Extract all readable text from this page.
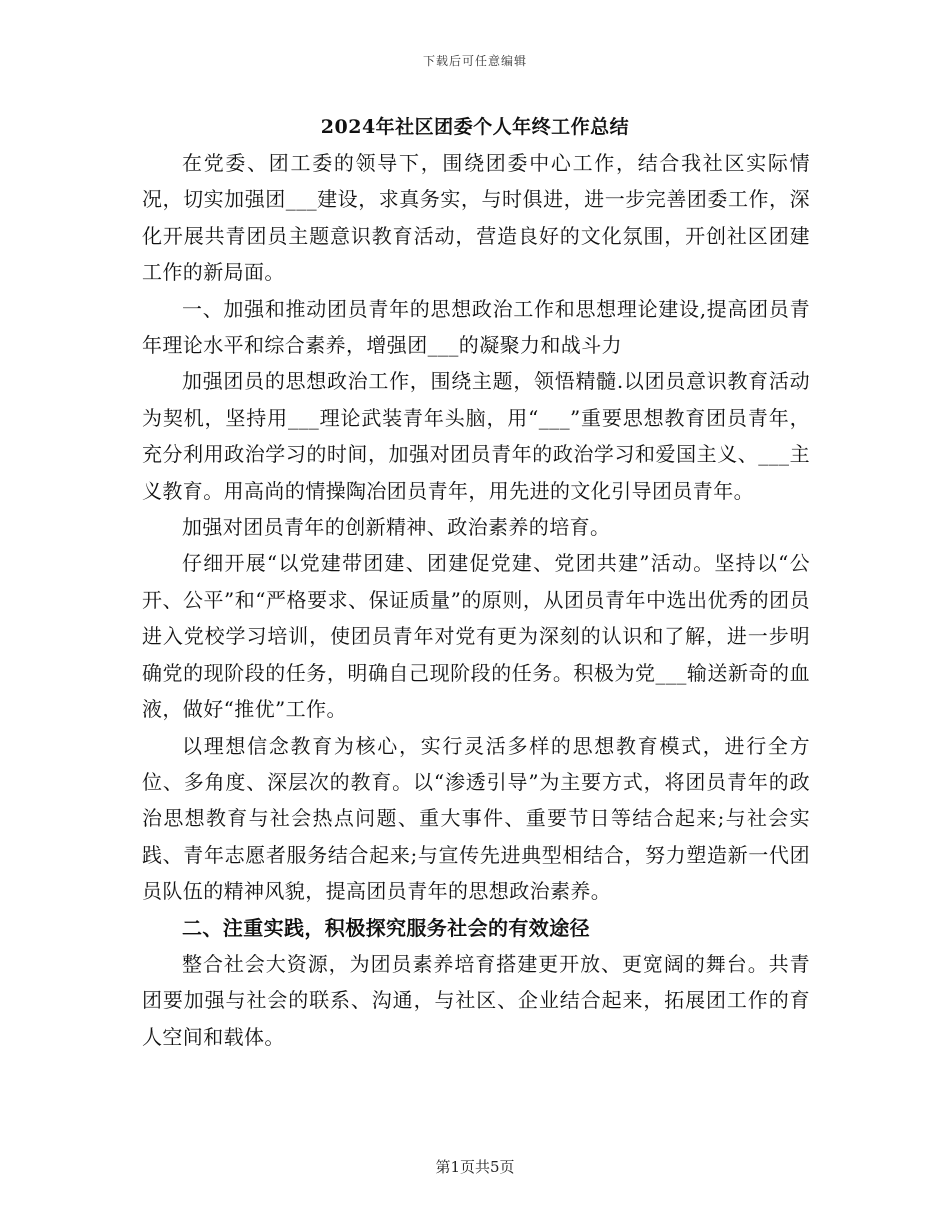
下载后可任意编辑
2024年社区团委个人年终工作总结

在党委、团工委的领导下，围绕团委中心工作，结合我社区实际情况，切实加强团___建设，求真务实，与时俱进，进一步完善团委工作，深化开展共青团员主题意识教育活动，营造良好的文化氛围，开创社区团建工作的新局面。

一、加强和推动团员青年的思想政治工作和思想理论建设,提高团员青年理论水平和综合素养，增强团___的凝聚力和战斗力

加强团员的思想政治工作，围绕主题，领悟精髓.以团员意识教育活动为契机，坚持用___理论武装青年头脑，用“___”重要思想教育团员青年，充分利用政治学习的时间，加强对团员青年的政治学习和爱国主义、___主义教育。用高尚的情操陶冶团员青年，用先进的文化引导团员青年。

加强对团员青年的创新精神、政治素养的培育。

仔细开展“以党建带团建、团建促党建、党团共建”活动。坚持以“公开、公平”和“严格要求、保证质量”的原则，从团员青年中选出优秀的团员进入党校学习培训，使团员青年对党有更为深刻的认识和了解，进一步明确党的现阶段的任务，明确自己现阶段的任务。积极为党___输送新奇的血液，做好“推优”工作。

以理想信念教育为核心，实行灵活多样的思想教育模式，进行全方位、多角度、深层次的教育。以“渗透引导”为主要方式，将团员青年的政治思想教育与社会热点问题、重大事件、重要节日等结合起来;与社会实践、青年志愿者服务结合起来;与宣传先进典型相结合，努力塑造新一代团员队伍的精神风貌，提高团员青年的思想政治素养。

二、注重实践，积极探究服务社会的有效途径

整合社会大资源，为团员素养培育搭建更开放、更宽阔的舞台。共青团要加强与社会的联系、沟通，与社区、企业结合起来，拓展团工作的育人空间和载体。

第1页共5页
